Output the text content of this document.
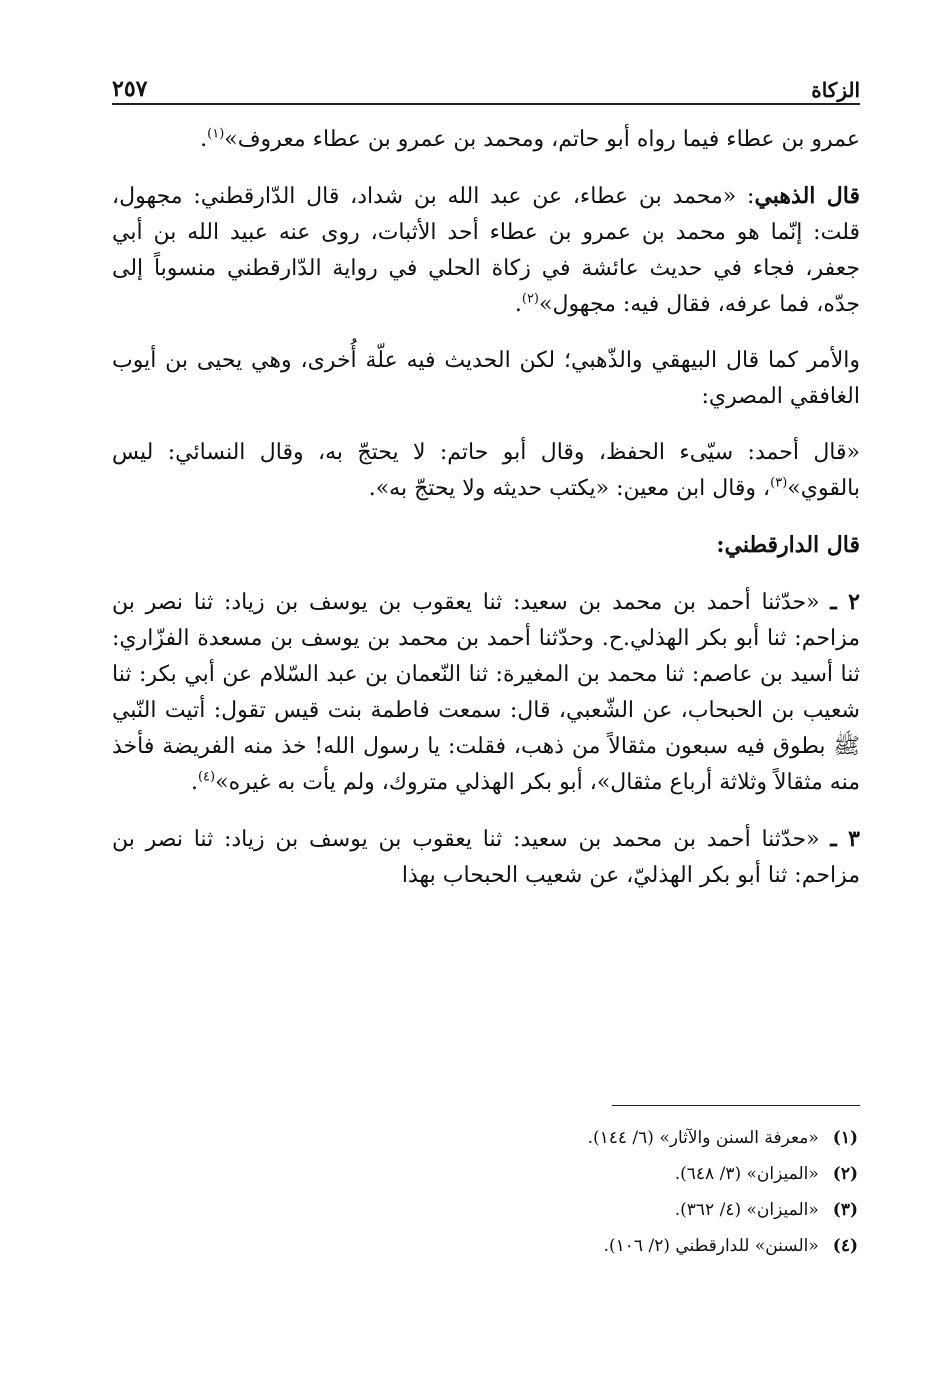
الزكاة
٢٥٧

عمرو بن عطاء فيما رواه أبو حاتم، ومحمد بن عمرو بن عطاء معروف»$^{(١)}$.

قال الذهبي: «محمد بن عطاء، عن عبد الله بن شداد، قال الدّارقطني: مجهول، قلت: إنّما هو محمد بن عمرو بن عطاء أحد الأثبات، روى عنه عبيد الله بن أبي جعفر، فجاء في حديث عائشة في زكاة الحلي في رواية الدّارقطني منسوباً إلى جدّه، فما عرفه، فقال فيه: مجهول»$^{(٢)}$.

والأمر كما قال البيهقي والذّهبي؛ لكن الحديث فيه علّة أُخرى، وهي يحيى بن أيوب الغافقي المصري:

«قال أحمد: سيّىء الحفظ، وقال أبو حاتم: لا يحتجّ به، وقال النسائي: ليس بالقوي»$^{(٣)}$، وقال ابن معين: «يكتب حديثه ولا يحتجّ به».

قال الدارقطني:

٢ ـ «حدّثنا أحمد بن محمد بن سعيد: ثنا يعقوب بن يوسف بن زياد: ثنا نصر بن مزاحم: ثنا أبو بكر الهذلي.ح. وحدّثنا أحمد بن محمد بن يوسف بن مسعدة الفزّاري: ثنا أسيد بن عاصم: ثنا محمد بن المغيرة: ثنا النّعمان بن عبد السّلام عن أبي بكر: ثنا شعيب بن الحبحاب، عن الشّعبي، قال: سمعت فاطمة بنت قيس تقول: أتيت النّبي ﷺ بطوق فيه سبعون مثقالاً من ذهب، فقلت: يا رسول الله! خذ منه الفريضة فأخذ منه مثقالاً وثلاثة أرباع مثقال»، أبو بكر الهذلي متروك، ولم يأت به غيره»$^{(٤)}$.

٣ ـ «حدّثنا أحمد بن محمد بن سعيد: ثنا يعقوب بن يوسف بن زياد: ثنا نصر بن مزاحم: ثنا أبو بكر الهذليّ، عن شعيب الحبحاب بهذا

(١)«معرفة السنن والآثار» (٦/ ١٤٤).
(٢)«الميزان» (٣/ ٦٤٨).
(٣)«الميزان» (٤/ ٣٦٢).
(٤)«السنن» للدارقطني (٢/ ١٠٦).
